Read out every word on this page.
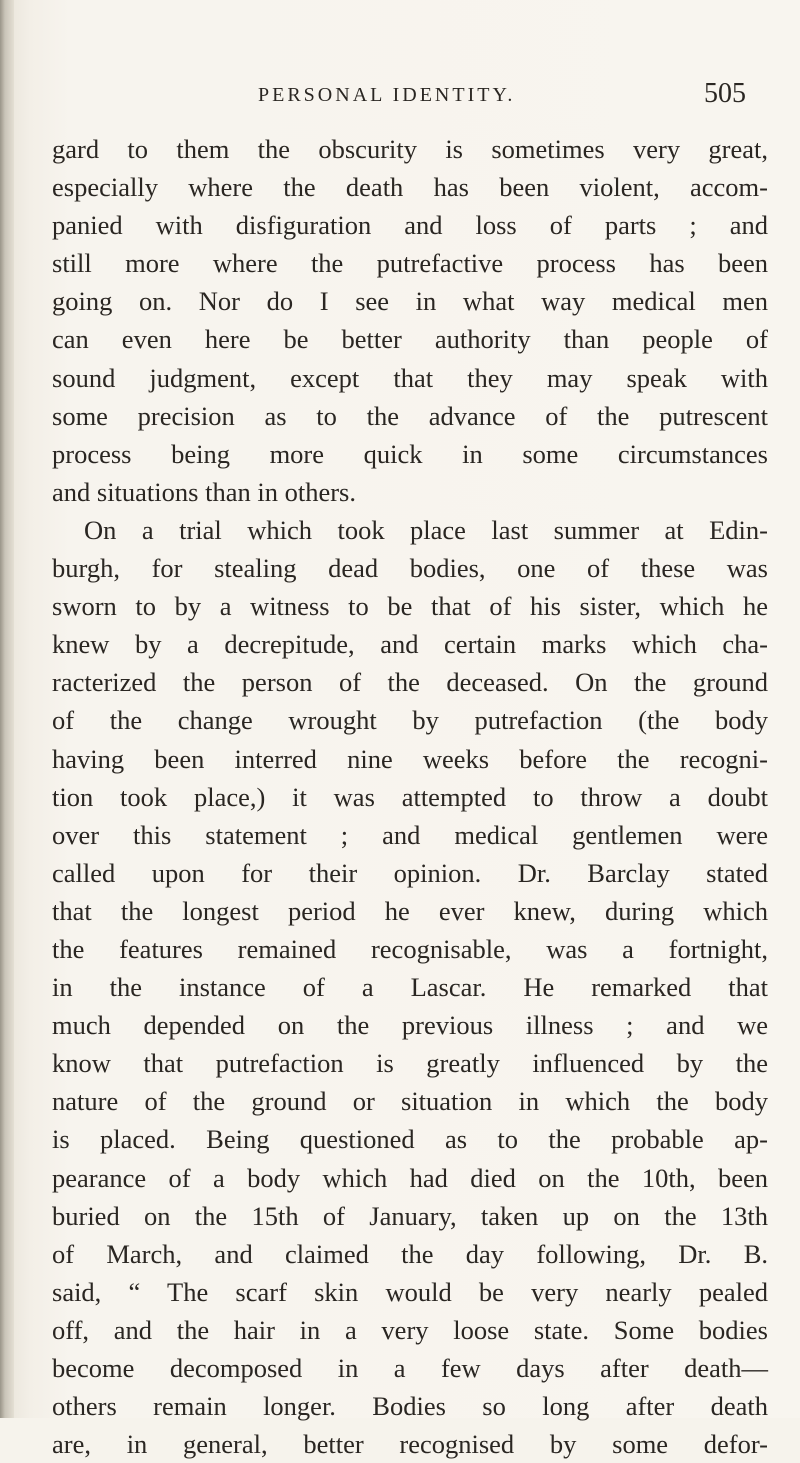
PERSONAL IDENTITY.	505
gard to them the obscurity is sometimes very great,
especially where the death has been violent, accom-
panied with disfiguration and loss of parts ; and
still more where the putrefactive process has been
going on. Nor do I see in what way medical men
can even here be better authority than people of
sound judgment, except that they may speak with
some precision as to the advance of the putrescent
process being more quick in some circumstances
and situations than in others.
On a trial which took place last summer at Edin-
burgh, for stealing dead bodies, one of these was
sworn to by a witness to be that of his sister, which he
knew by a decrepitude, and certain marks which cha-
racterized the person of the deceased. On the ground
of the change wrought by putrefaction (the body
having been interred nine weeks before the recogni-
tion took place,) it was attempted to throw a doubt
over this statement ; and medical gentlemen were
called upon for their opinion. Dr. Barclay stated
that the longest period he ever knew, during which
the features remained recognisable, was a fortnight,
in the instance of a Lascar. He remarked that
much depended on the previous illness ; and we
know that putrefaction is greatly influenced by the
nature of the ground or situation in which the body
is placed. Being questioned as to the probable ap-
pearance of a body which had died on the 10th, been
buried on the 15th of January, taken up on the 13th
of March, and claimed the day following, Dr. B.
said, “ The scarf skin would be very nearly pealed
off, and the hair in a very loose state. Some bodies
become decomposed in a few days after death—
others remain longer. Bodies so long after death
are, in general, better recognised by some defor-
